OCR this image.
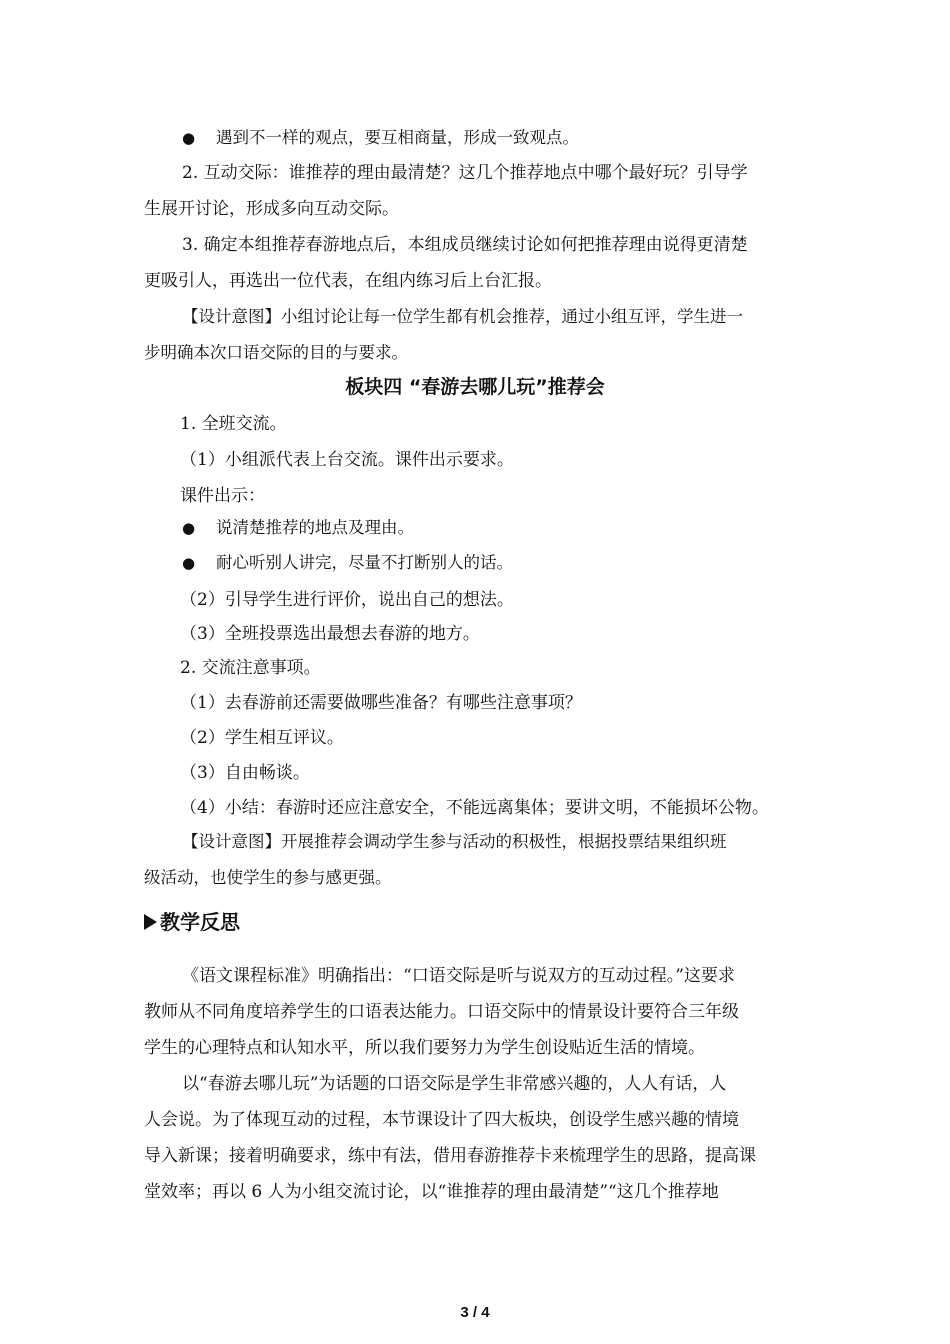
● 遇到不一样的观点，要互相商量，形成一致观点。
2. 互动交际：谁推荐的理由最清楚？这几个推荐地点中哪个最好玩？引导学
生展开讨论，形成多向互动交际。
3. 确定本组推荐春游地点后，本组成员继续讨论如何把推荐理由说得更清楚
更吸引人，再选出一位代表，在组内练习后上台汇报。
【设计意图】小组讨论让每一位学生都有机会推荐，通过小组互评，学生进一
步明确本次口语交际的目的与要求。
板块四 “春游去哪儿玩”推荐会
1. 全班交流。
（1）小组派代表上台交流。课件出示要求。
课件出示：
● 说清楚推荐的地点及理由。
● 耐心听别人讲完，尽量不打断别人的话。
（2）引导学生进行评价，说出自己的想法。
（3）全班投票选出最想去春游的地方。
2. 交流注意事项。
（1）去春游前还需要做哪些准备？有哪些注意事项？
（2）学生相互评议。
（3）自由畅谈。
（4）小结：春游时还应注意安全，不能远离集体；要讲文明，不能损坏公物。
【设计意图】开展推荐会调动学生参与活动的积极性，根据投票结果组织班
级活动，也使学生的参与感更强。
教学反思
《语文课程标准》明确指出：“口语交际是听与说双方的互动过程。”这要求
教师从不同角度培养学生的口语表达能力。口语交际中的情景设计要符合三年级
学生的心理特点和认知水平，所以我们要努力为学生创设贴近生活的情境。
以“春游去哪儿玩”为话题的口语交际是学生非常感兴趣的，人人有话，人
人会说。为了体现互动的过程，本节课设计了四大板块，创设学生感兴趣的情境
导入新课；接着明确要求，练中有法，借用春游推荐卡来梳理学生的思路，提高课
堂效率；再以 6 人为小组交流讨论，以“谁推荐的理由最清楚”“这几个推荐地
3 / 4
